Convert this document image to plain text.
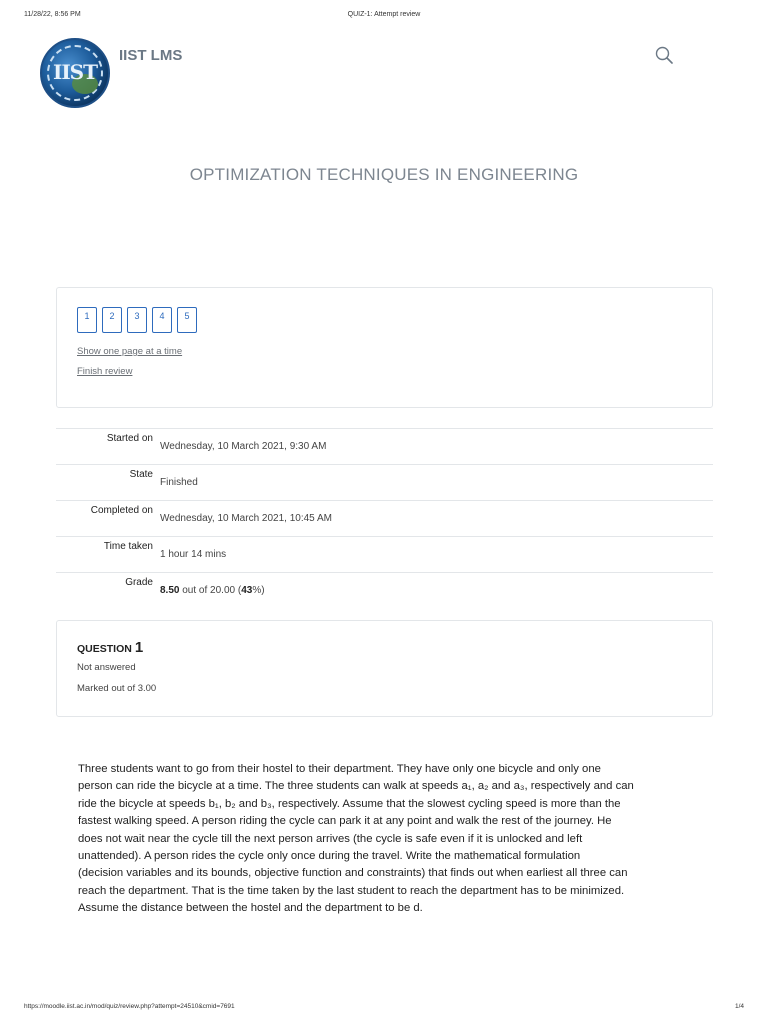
11/28/22, 8:56 PM	QUIZ-1: Attempt review
IIST
IIST LMS
OPTIMIZATION TECHNIQUES IN ENGINEERING
1	2	3	4	5
Show one page at a time
Finish review
Started on
Wednesday, 10 March 2021, 9:30 AM
State
Finished
Completed on
Wednesday, 10 March 2021, 10:45 AM
Time taken
1 hour 14 mins
Grade
8.50 out of 20.00 (43%)
QUESTION 1
Not answered
Marked out of 3.00
Three students want to go from their hostel to their department. They have only one bicycle and only one
person can ride the bicycle at a time. The three students can walk at speeds a₁, a₂ and a₃, respectively and can
ride the bicycle at speeds b₁, b₂ and b₃, respectively. Assume that the slowest cycling speed is more than the
fastest walking speed. A person riding the cycle can park it at any point and walk the rest of the journey. He
does not wait near the cycle till the next person arrives (the cycle is safe even if it is unlocked and left
unattended). A person rides the cycle only once during the travel. Write the mathematical formulation
(decision variables and its bounds, objective function and constraints) that finds out when earliest all three can
reach the department. That is the time taken by the last student to reach the department has to be minimized.
Assume the distance between the hostel and the department to be d.
https://moodle.iist.ac.in/mod/quiz/review.php?attempt=24510&cmid=7691	1/4
